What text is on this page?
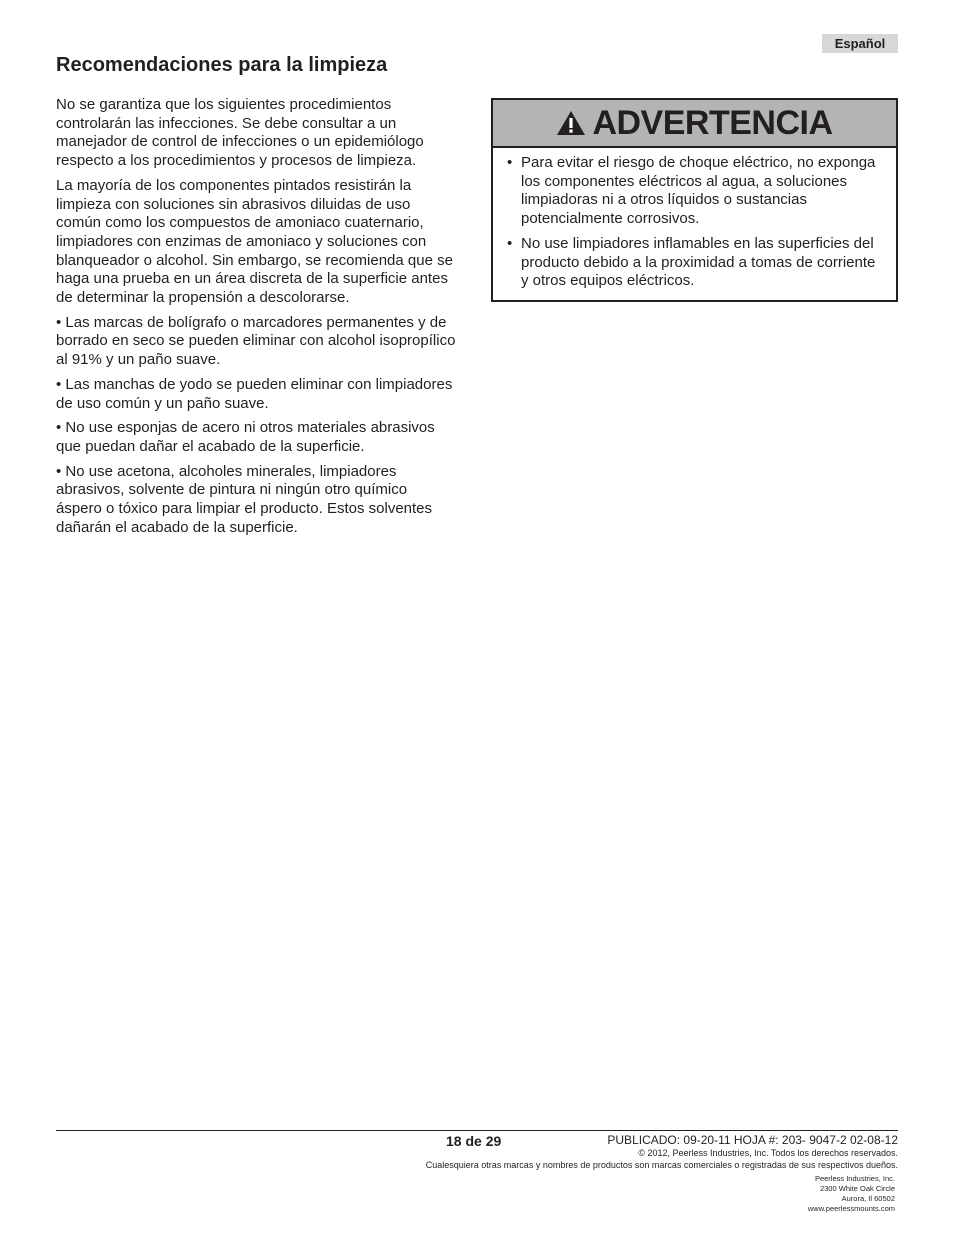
Español
Recomendaciones para la limpieza

No se garantiza que los siguientes procedimientos controlarán las infecciones. Se debe consultar a un manejador de control de infecciones o un epidemiólogo respecto a los procedimientos y procesos de limpieza.

La mayoría de los componentes pintados resistirán la limpieza con soluciones sin abrasivos diluidas de uso común como los compuestos de amoniaco cuaternario, limpiadores con enzimas de amoniaco y soluciones con blanqueador o alcohol. Sin embargo, se recomienda que se haga una prueba en un área discreta de la superficie antes de determinar la propensión a descolorarse.

• Las marcas de bolígrafo o marcadores permanentes y de borrado en seco se pueden eliminar con alcohol isopropílico al 91% y un paño suave.

• Las manchas de yodo se pueden eliminar con limpiadores de uso común y un paño suave.

• No use esponjas de acero ni otros materiales abrasivos que puedan dañar el acabado de la superficie.

• No use acetona, alcoholes minerales, limpiadores abrasivos, solvente de pintura ni ningún otro químico áspero o tóxico para limpiar el producto. Estos solventes dañarán el acabado de la superficie.

ADVERTENCIA
• Para evitar el riesgo de choque eléctrico, no exponga los componentes eléctricos al agua, a soluciones limpiadoras ni a otros líquidos o sustancias potencialmente corrosivos.
• No use limpiadores inflamables en las superficies del producto debido a la proximidad a tomas de corriente y otros equipos eléctricos.
18 de 29	PUBLICADO: 09-20-11 HOJA #: 203- 9047-2 02-08-12
© 2012, Peerless Industries, Inc. Todos los derechos reservados.
Cualesquiera otras marcas y nombres de productos son marcas comerciales o registradas de sus respectivos dueños.
Peerless Industries, Inc.
2300 White Oak Circle
Aurora, Il 60502
www.peerlessmounts.com
